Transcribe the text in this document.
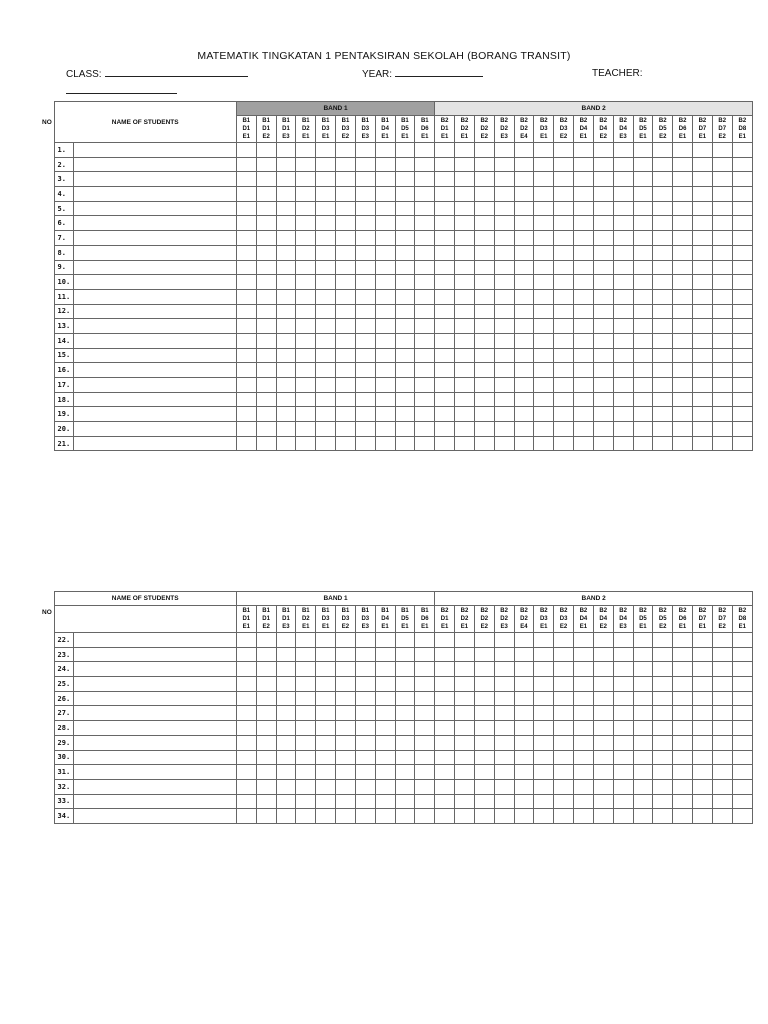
MATEMATIK TINGKATAN 1 PENTAKSIRAN SEKOLAH (BORANG TRANSIT)
CLASS:	YEAR:	TEACHER:
NO	NAME OF STUDENTS		BAND 1										BAND 2															

			B1
D1
E1	B1
D1
E2	B1
D1
E3	B1
D2
E1	B1
D3
E1	B1
D3
E2	B1
D3
E3	B1
D4
E1	B1
D5
E1	B1
D6
E1	B2
D1
E1	B2
D2
E1	B2
D2
E2	B2
D2
E3	B2
D2
E4	B2
D3
E1	B2
D3
E2	B2
D4
E1	B2
D4
E2	B2
D4
E3	B2
D5
E1	B2
D5
E2	B2
D6
E1	B2
D7
E1	B2
D7
E2	B2
D8
E1

	1.																											
	2.																											
	3.																											
	4.																											
	5.																											
	6.																											
	7.																											
	8.																											
	9.																											
	10.																											
	11.																											
	12.																											
	13.																											
	14.																											
	15.																											
	16.																											
	17.																											
	18.																											
	19.																											
	20.																											
	21.																											
NO	NAME OF STUDENTS		BAND 1										BAND 2															

			B1
D1
E1	B1
D1
E2	B1
D1
E3	B1
D2
E1	B1
D3
E1	B1
D3
E2	B1
D3
E3	B1
D4
E1	B1
D5
E1	B1
D6
E1	B2
D1
E1	B2
D2
E1	B2
D2
E2	B2
D2
E3	B2
D2
E4	B2
D3
E1	B2
D3
E2	B2
D4
E1	B2
D4
E2	B2
D4
E3	B2
D5
E1	B2
D5
E2	B2
D6
E1	B2
D7
E1	B2
D7
E2	B2
D8
E1

	22.																											
	23.																											
	24.																											
	25.																											
	26.																											
	27.																											
	28.																											
	29.																											
	30.																											
	31.																											
	32.																											
	33.																											
	34.																											
